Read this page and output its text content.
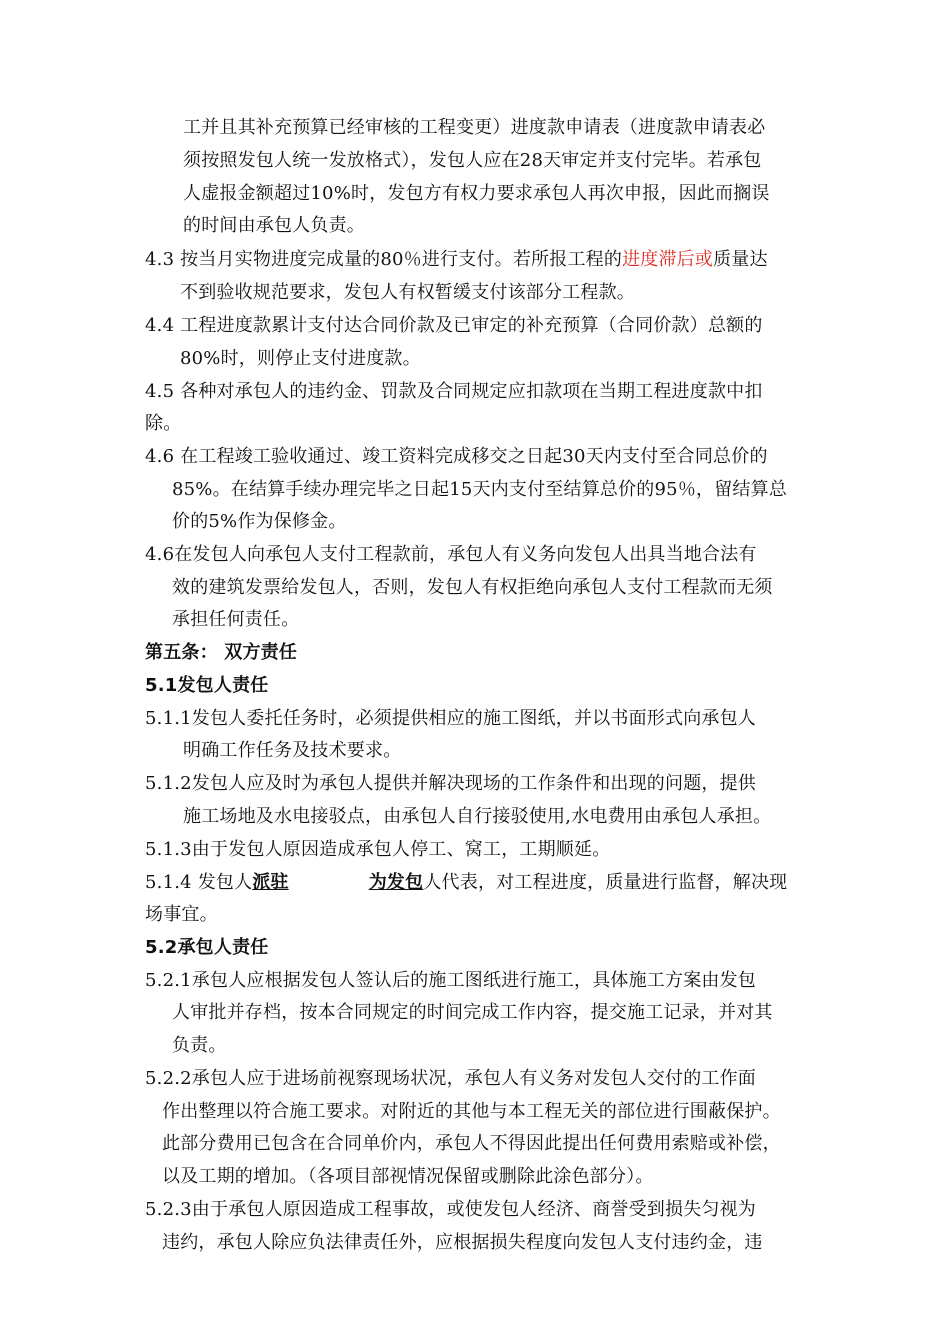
工并且其补充预算已经审核的工程变更）进度款申请表（进度款申请表必
须按照发包人统一发放格式），发包人应在28天审定并支付完毕。若承包
人虚报金额超过10%时，发包方有权力要求承包人再次申报，因此而搁误
的时间由承包人负责。
4.3 按当月实物进度完成量的80％进行支付。若所报工程的进度滞后或质量达
不到验收规范要求，发包人有权暂缓支付该部分工程款。
4.4 工程进度款累计支付达合同价款及已审定的补充预算（合同价款）总额的
80%时，则停止支付进度款。
4.5 各种对承包人的违约金、罚款及合同规定应扣款项在当期工程进度款中扣
除。
4.6 在工程竣工验收通过、竣工资料完成移交之日起30天内支付至合同总价的
85%。在结算手续办理完毕之日起15天内支付至结算总价的95％，留结算总
价的5%作为保修金。
4.6在发包人向承包人支付工程款前，承包人有义务向发包人出具当地合法有
效的建筑发票给发包人，否则，发包人有权拒绝向承包人支付工程款而无须
承担任何责任。
第五条： 双方责任
5.1发包人责任
5.1.1发包人委托任务时，必须提供相应的施工图纸，并以书面形式向承包人
明确工作任务及技术要求。
5.1.2发包人应及时为承包人提供并解决现场的工作条件和出现的问题，提供
施工场地及水电接驳点，由承包人自行接驳使用,水电费用由承包人承担。
5.1.3由于发包人原因造成承包人停工、窝工，工期顺延。
5.1.4 发包人派驻	为发包人代表，对工程进度，质量进行监督，解决现
场事宜。
5.2承包人责任
5.2.1承包人应根据发包人签认后的施工图纸进行施工，具体施工方案由发包
人审批并存档，按本合同规定的时间完成工作内容，提交施工记录，并对其
负责。
5.2.2承包人应于进场前视察现场状况，承包人有义务对发包人交付的工作面
作出整理以符合施工要求。对附近的其他与本工程无关的部位进行围蔽保护。
此部分费用已包含在合同单价内，承包人不得因此提出任何费用索赔或补偿，
以及工期的增加。（各项目部视情况保留或删除此涂色部分）。
5.2.3由于承包人原因造成工程事故，或使发包人经济、商誉受到损失匀视为
违约，承包人除应负法律责任外，应根据损失程度向发包人支付违约金，违
